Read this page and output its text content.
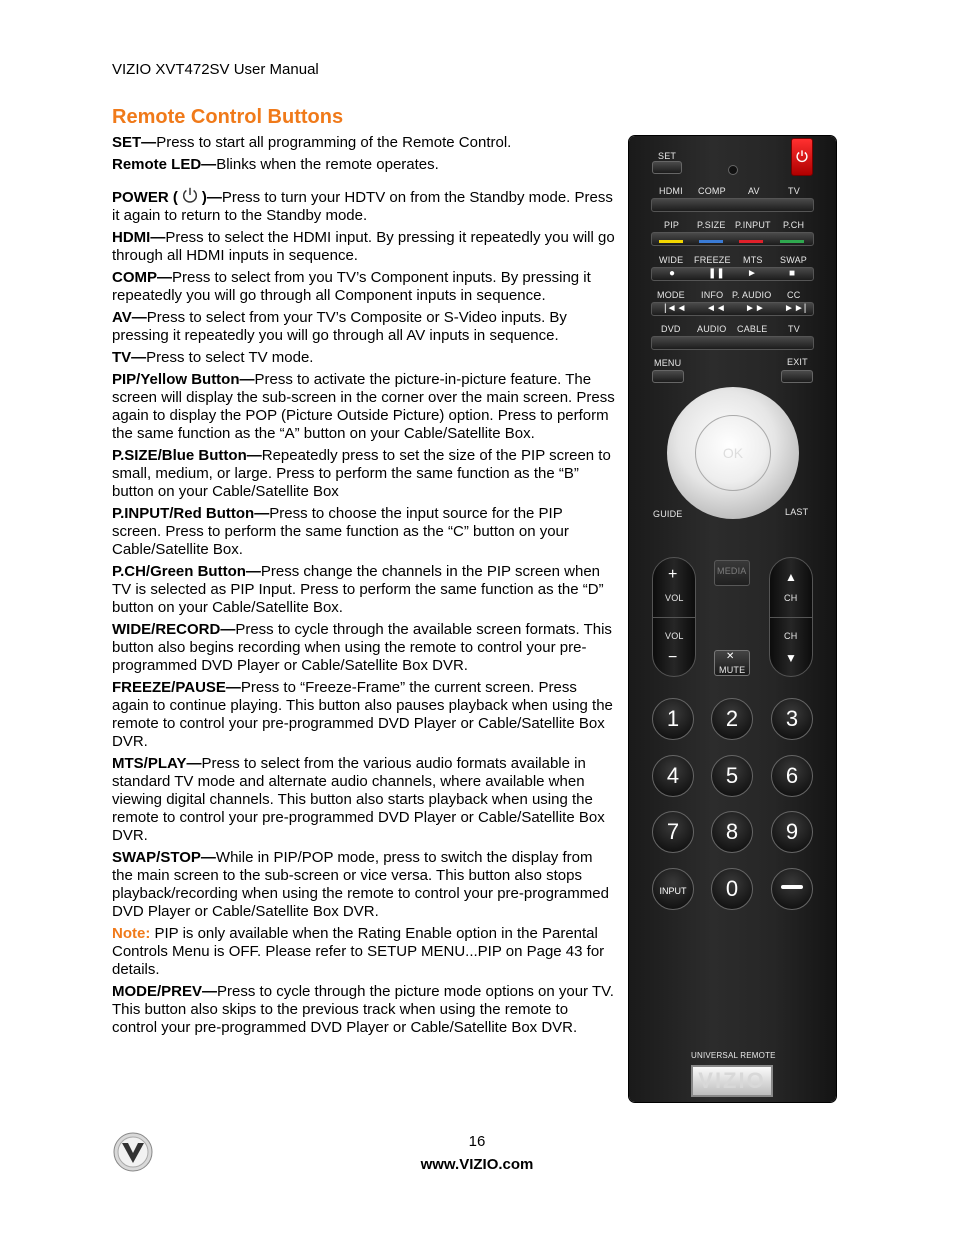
VIZIO XVT472SV User Manual
Remote Control Buttons

SET—Press to start all programming of the Remote Control.

Remote LED—Blinks when the remote operates.

POWER ( )—Press to turn your HDTV on from the Standby mode. Press it again to return to the Standby mode.

HDMI—Press to select the HDMI input. By pressing it repeatedly you will go through all HDMI inputs in sequence.

COMP—Press to select from you TV’s Component inputs. By pressing it repeatedly you will go through all Component inputs in sequence.

AV—Press to select from your TV’s Composite or S-Video inputs. By pressing it repeatedly you will go through all AV inputs in sequence.

TV—Press to select TV mode.

PIP/Yellow Button—Press to activate the picture-in-picture feature. The screen will display the sub-screen in the corner over the main screen. Press again to display the POP (Picture Outside Picture) option. Press to perform the same function as the “A” button on your Cable/Satellite Box.

P.SIZE/Blue Button—Repeatedly press to set the size of the PIP screen to small, medium, or large. Press to perform the same function as the “B” button on your Cable/Satellite Box

P.INPUT/Red Button—Press to choose the input source for the PIP screen. Press to perform the same function as the “C” button on your Cable/Satellite Box.

P.CH/Green Button—Press change the channels in the PIP screen when TV is selected as PIP Input. Press to perform the same function as the “D” button on your Cable/Satellite Box.

WIDE/RECORD—Press to cycle through the available screen formats. This button also begins recording when using the remote to control your pre-programmed DVD Player or Cable/Satellite Box DVR.

FREEZE/PAUSE—Press to “Freeze-Frame” the current screen. Press again to continue playing. This button also pauses playback when using the remote to control your pre-programmed DVD Player or Cable/Satellite Box DVR.

MTS/PLAY—Press to select from the various audio formats available in standard TV mode and alternate audio channels, where available when viewing digital channels. This button also starts playback when using the remote to control your pre-programmed DVD Player or Cable/Satellite Box DVR.

SWAP/STOP—While in PIP/POP mode, press to switch the display from the main screen to the sub-screen or vice versa. This button also stops playback/recording when using the remote to control your pre-programmed DVD Player or Cable/Satellite Box DVR.

Note: PIP is only available when the Rating Enable option in the Parental Controls Menu is OFF. Please refer to SETUP MENU...PIP on Page 43 for details.

MODE/PREV—Press to cycle through the picture mode options on your TV. This button also skips to the previous track when using the remote to control your pre-programmed DVD Player or Cable/Satellite Box DVR.

SET
HDMI COMP AV	TV
PIP P.SIZE P.INPUT P.CH
WIDE FREEZE MTS SWAP
●	❚❚ ►	■
MODE INFO P. AUDIO CC
|◄◄ ◄◄ ►► ►►|
DVD AUDIO CABLE TV
MENU	EXIT
OK
GUIDE	LAST
+
VOL
VOL
−	✕
MUTE
▲
CH
CH
▼
1	2	3
4	5	6
7	8	9
INPUT	0
UNIVERSAL REMOTE
VIZIO
16
www.VIZIO.com
